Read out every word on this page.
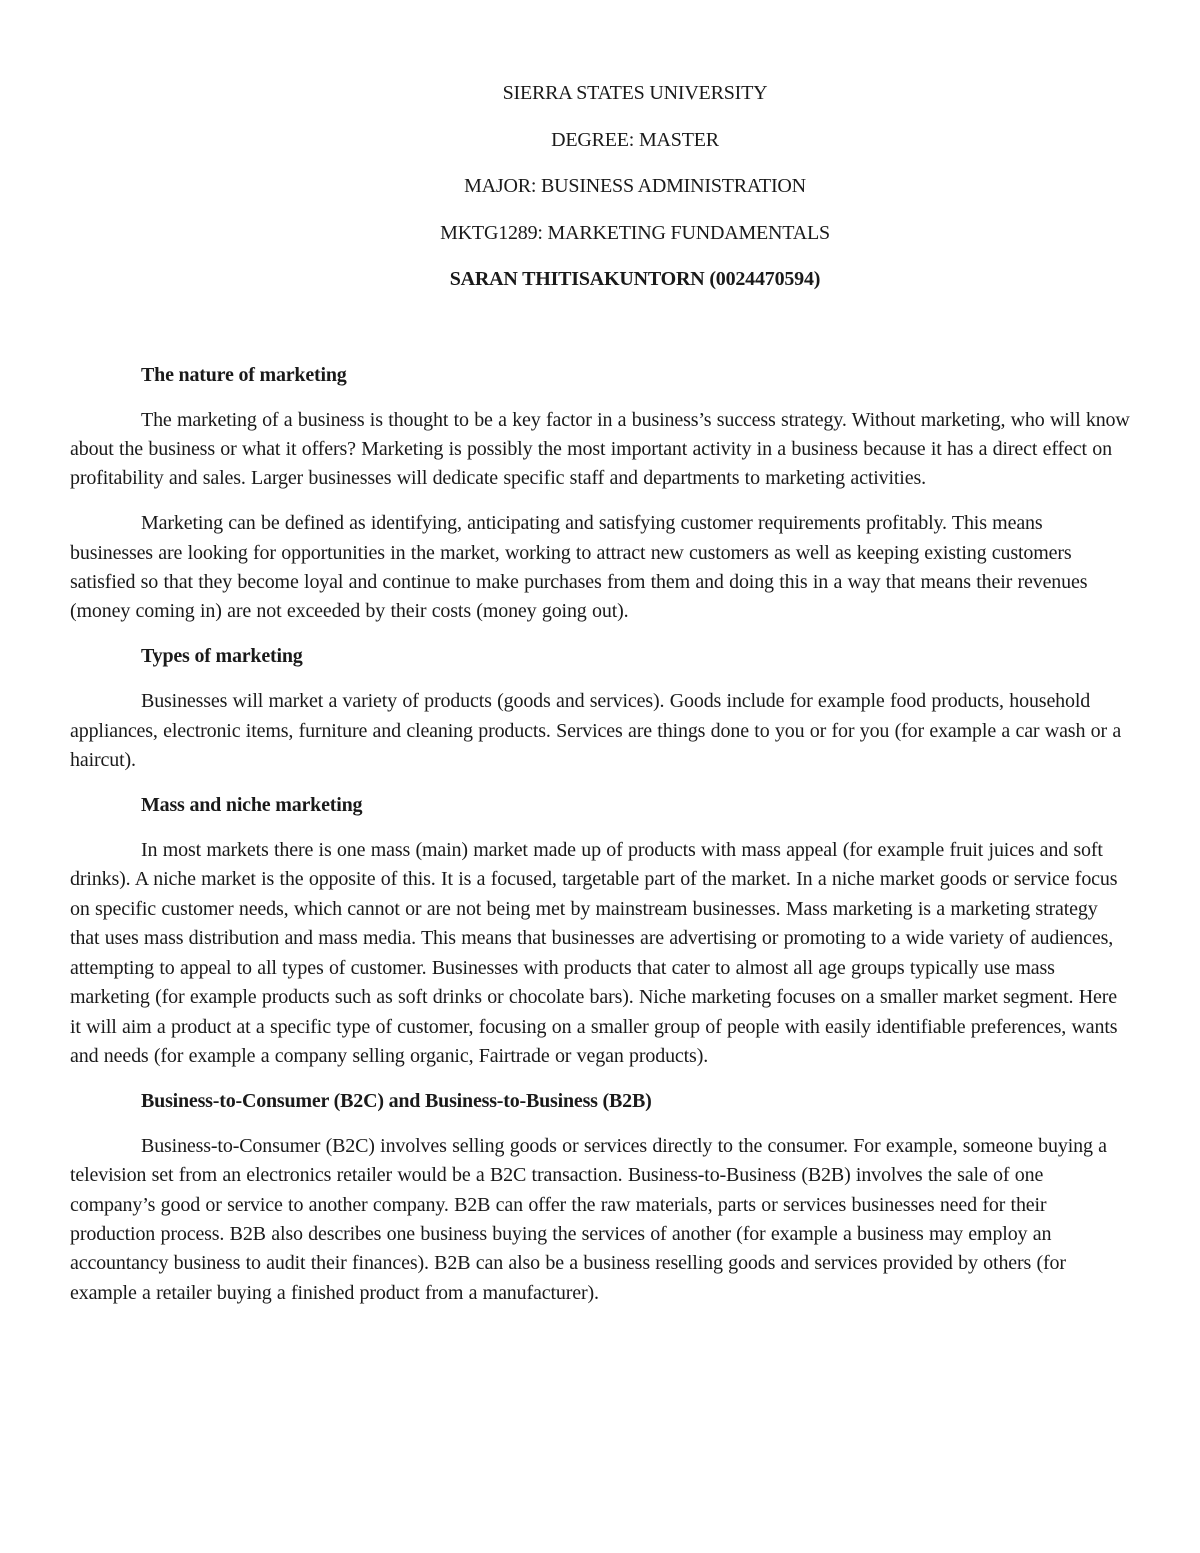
SIERRA STATES UNIVERSITY
DEGREE: MASTER
MAJOR: BUSINESS ADMINISTRATION
MKTG1289: MARKETING FUNDAMENTALS
SARAN THITISAKUNTORN (0024470594)
The nature of marketing

The marketing of a business is thought to be a key factor in a business’s success strategy. Without marketing, who will know about the business or what it offers? Marketing is possibly the most important activity in a business because it has a direct effect on profitability and sales. Larger businesses will dedicate specific staff and departments to marketing activities.

Marketing can be defined as identifying, anticipating and satisfying customer requirements profitably. This means businesses are looking for opportunities in the market, working to attract new customers as well as keeping existing customers satisfied so that they become loyal and continue to make purchases from them and doing this in a way that means their revenues (money coming in) are not exceeded by their costs (money going out).

Types of marketing

Businesses will market a variety of products (goods and services). Goods include for example food products, household appliances, electronic items, furniture and cleaning products. Services are things done to you or for you (for example a car wash or a haircut).

Mass and niche marketing

In most markets there is one mass (main) market made up of products with mass appeal (for example fruit juices and soft drinks). A niche market is the opposite of this. It is a focused, targetable part of the market. In a niche market goods or service focus on specific customer needs, which cannot or are not being met by mainstream businesses. Mass marketing is a marketing strategy that uses mass distribution and mass media. This means that businesses are advertising or promoting to a wide variety of audiences, attempting to appeal to all types of customer. Businesses with products that cater to almost all age groups typically use mass marketing (for example products such as soft drinks or chocolate bars). Niche marketing focuses on a smaller market segment. Here it will aim a product at a specific type of customer, focusing on a smaller group of people with easily identifiable preferences, wants and needs (for example a company selling organic, Fairtrade or vegan products).

Business-to-Consumer (B2C) and Business-to-Business (B2B)

Business-to-Consumer (B2C) involves selling goods or services directly to the consumer. For example, someone buying a television set from an electronics retailer would be a B2C transaction. Business-to-Business (B2B) involves the sale of one company’s good or service to another company. B2B can offer the raw materials, parts or services businesses need for their production process. B2B also describes one business buying the services of another (for example a business may employ an accountancy business to audit their finances). B2B can also be a business reselling goods and services provided by others (for example a retailer buying a finished product from a manufacturer).
